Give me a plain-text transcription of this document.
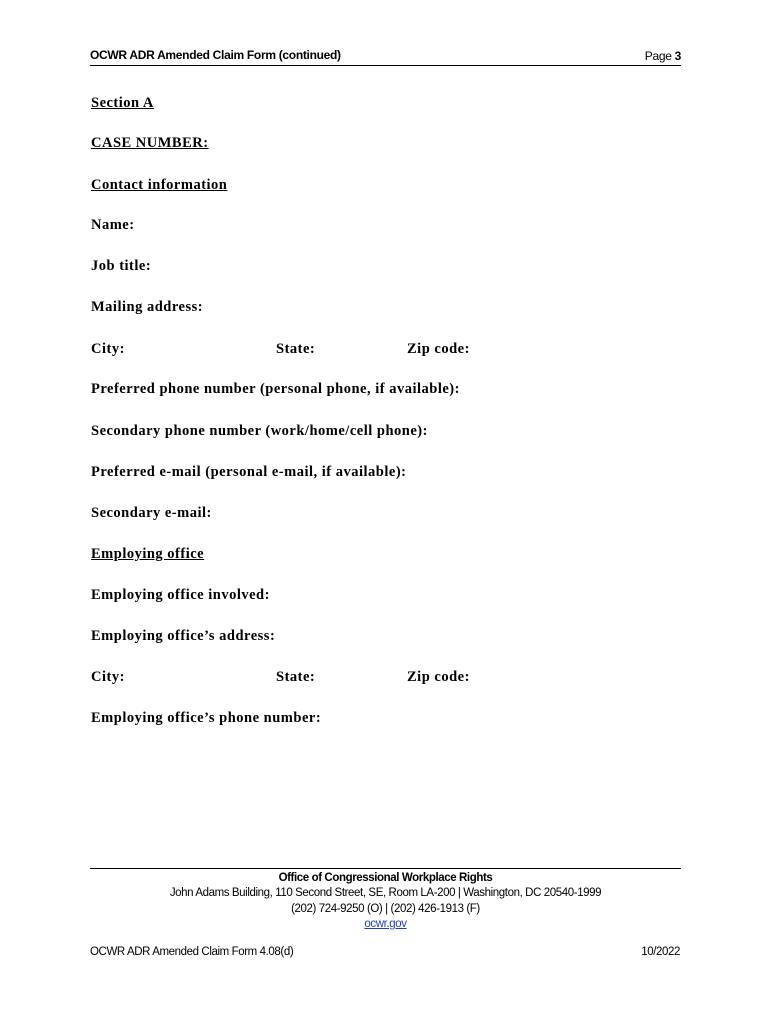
OCWR ADR Amended Claim Form (continued)	Page 3
Section A
CASE NUMBER:
Contact information
Name:
Job title:
Mailing address:
City:	State:	Zip code:
Preferred phone number (personal phone, if available):
Secondary phone number (work/home/cell phone):
Preferred e-mail (personal e-mail, if available):
Secondary e-mail:
Employing office
Employing office involved:
Employing office’s address:
City:	State:	Zip code:
Employing office’s phone number:
Office of Congressional Workplace Rights
John Adams Building, 110 Second Street, SE, Room LA-200 | Washington, DC 20540-1999
(202) 724-9250 (O) | (202) 426-1913 (F)
ocwr.gov
OCWR ADR Amended Claim Form 4.08(d)	10/2022
